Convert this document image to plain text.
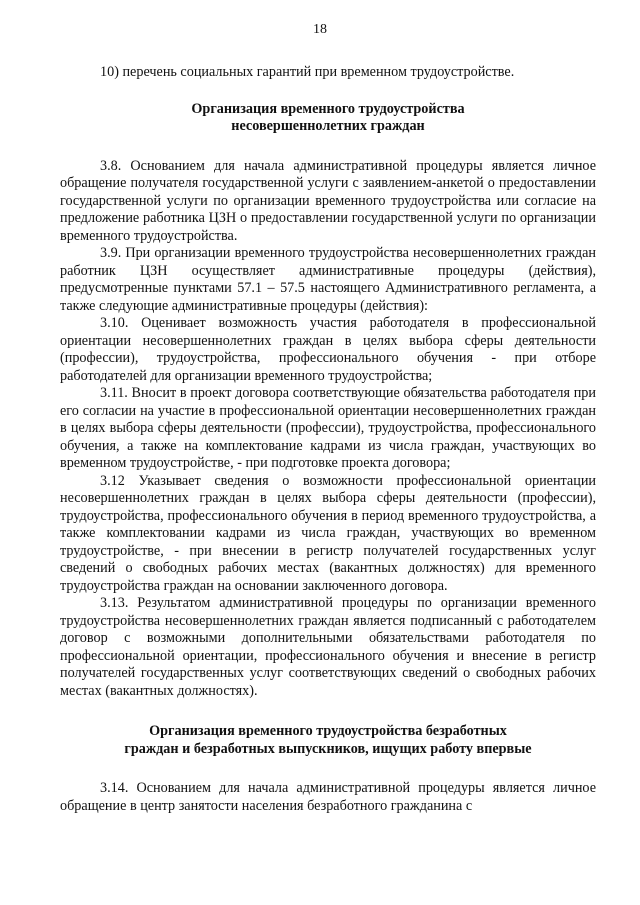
18

10) перечень социальных гарантий при временном трудоустройстве.

Организация временного трудоустройства

несовершеннолетних граждан

3.8. Основанием для начала административной процедуры является личное обращение получателя государственной услуги с заявлением-анкетой о предоставлении государственной услуги по организации временного трудоустройства или согласие на предложение работника ЦЗН о предоставлении государственной услуги по организации временного трудоустройства.

3.9. При организации временного трудоустройства несовершеннолетних граждан работник ЦЗН осуществляет административные процедуры (действия), предусмотренные пунктами 57.1 – 57.5 настоящего Административного регламента, а также следующие административные процедуры (действия):

3.10. Оценивает возможность участия работодателя в профессиональной ориентации несовершеннолетних граждан в целях выбора сферы деятельности (профессии), трудоустройства, профессионального обучения - при отборе работодателей для организации временного трудоустройства;

3.11. Вносит в проект договора соответствующие обязательства работодателя при его согласии на участие в профессиональной ориентации несовершеннолетних граждан в целях выбора сферы деятельности (профессии), трудоустройства, профессионального обучения, а также на комплектование кадрами из числа граждан, участвующих во временном трудоустройстве, - при подготовке проекта договора;

3.12 Указывает сведения о возможности профессиональной ориентации несовершеннолетних граждан в целях выбора сферы деятельности (профессии), трудоустройства, профессионального обучения в период временного трудоустройства, а также комплектовании кадрами из числа граждан, участвующих во временном трудоустройстве, - при внесении в регистр получателей государственных услуг сведений о свободных рабочих местах (вакантных должностях) для временного трудоустройства граждан на основании заключенного договора.

3.13. Результатом административной процедуры по организации временного трудоустройства несовершеннолетних граждан является подписанный с работодателем договор с возможными дополнительными обязательствами работодателя по профессиональной ориентации, профессионального обучения и внесение в регистр получателей государственных услуг соответствующих сведений о свободных рабочих местах (вакантных должностях).

Организация временного трудоустройства безработных

граждан и безработных выпускников, ищущих работу впервые

3.14. Основанием для начала административной процедуры является личное обращение в центр занятости населения безработного гражданина с
